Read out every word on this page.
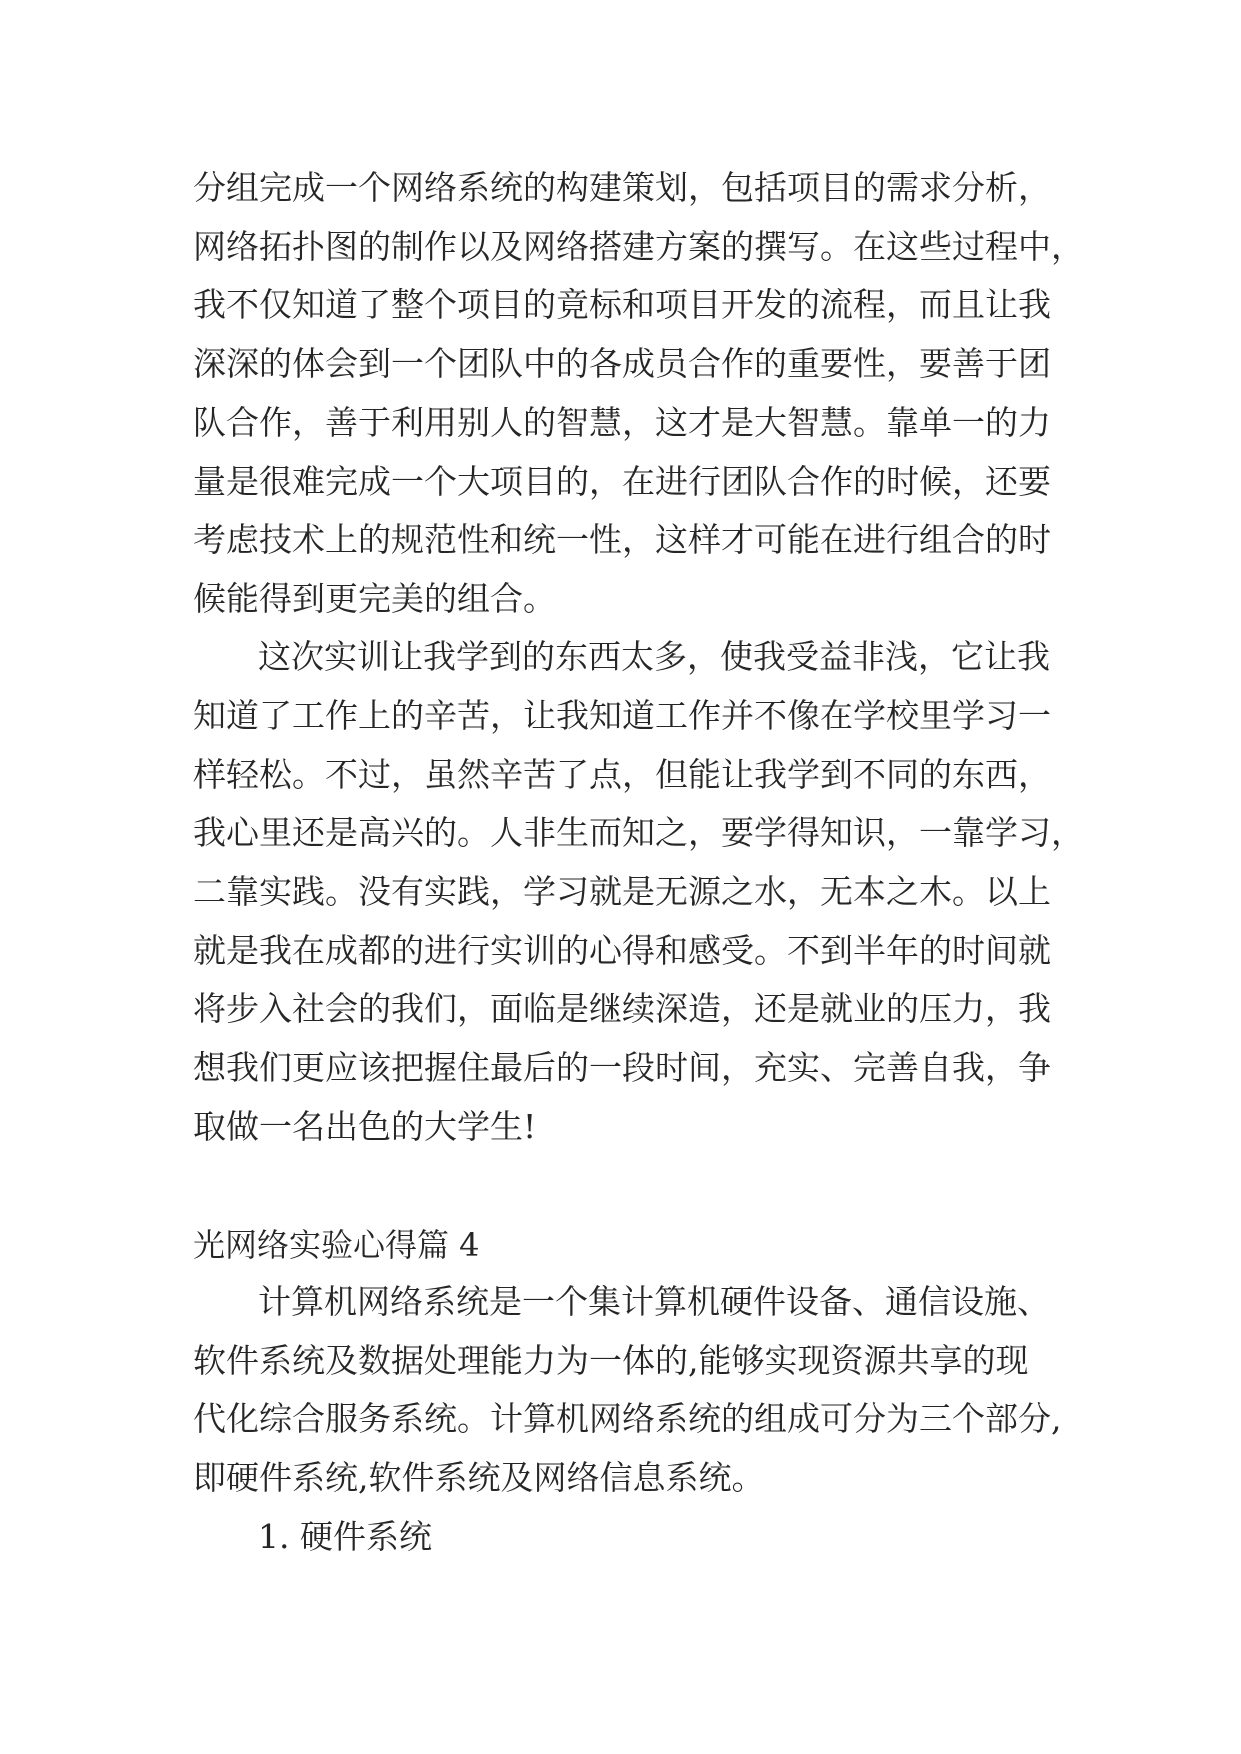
分组完成一个网络系统的构建策划，包括项目的需求分析，

网络拓扑图的制作以及网络搭建方案的撰写。在这些过程中，

我不仅知道了整个项目的竟标和项目开发的流程，而且让我

深深的体会到一个团队中的各成员合作的重要性，要善于团

队合作，善于利用别人的智慧，这才是大智慧。靠单一的力

量是很难完成一个大项目的，在进行团队合作的时候，还要

考虑技术上的规范性和统一性，这样才可能在进行组合的时

候能得到更完美的组合。

这次实训让我学到的东西太多，使我受益非浅，它让我

知道了工作上的辛苦，让我知道工作并不像在学校里学习一

样轻松。不过，虽然辛苦了点，但能让我学到不同的东西，

我心里还是高兴的。人非生而知之，要学得知识，一靠学习，

二靠实践。没有实践，学习就是无源之水，无本之木。以上

就是我在成都的进行实训的心得和感受。不到半年的时间就

将步入社会的我们，面临是继续深造，还是就业的压力，我

想我们更应该把握住最后的一段时间，充实、完善自我，争

取做一名出色的大学生!

光网络实验心得篇 4

计算机网络系统是一个集计算机硬件设备、通信设施、

软件系统及数据处理能力为一体的,能够实现资源共享的现

代化综合服务系统。计算机网络系统的组成可分为三个部分,

即硬件系统,软件系统及网络信息系统。

1. 硬件系统
